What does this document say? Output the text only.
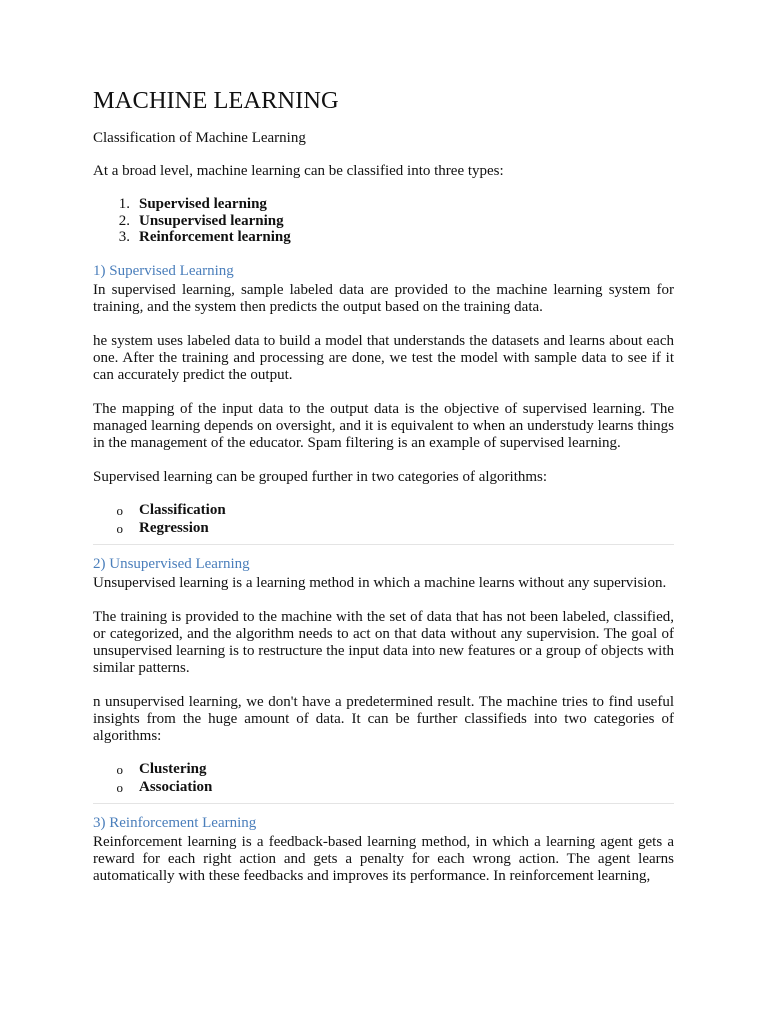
MACHINE LEARNING

Classification of Machine Learning

At a broad level, machine learning can be classified into three types:

1. Supervised learning
2. Unsupervised learning
3. Reinforcement learning
1) Supervised Learning

In supervised learning, sample labeled data are provided to the machine learning system for training, and the system then predicts the output based on the training data.

he system uses labeled data to build a model that understands the datasets and learns about each one. After the training and processing are done, we test the model with sample data to see if it can accurately predict the output.

The mapping of the input data to the output data is the objective of supervised learning. The managed learning depends on oversight, and it is equivalent to when an understudy learns things in the management of the educator. Spam filtering is an example of supervised learning.

Supervised learning can be grouped further in two categories of algorithms:

o	Classification
o	Regression
2) Unsupervised Learning

Unsupervised learning is a learning method in which a machine learns without any supervision.

The training is provided to the machine with the set of data that has not been labeled, classified, or categorized, and the algorithm needs to act on that data without any supervision. The goal of unsupervised learning is to restructure the input data into new features or a group of objects with similar patterns.

n unsupervised learning, we don't have a predetermined result. The machine tries to find useful insights from the huge amount of data. It can be further classifieds into two categories of algorithms:

o	Clustering
o	Association
3) Reinforcement Learning

Reinforcement learning is a feedback-based learning method, in which a learning agent gets a reward for each right action and gets a penalty for each wrong action. The agent learns automatically with these feedbacks and improves its performance. In reinforcement learning,
